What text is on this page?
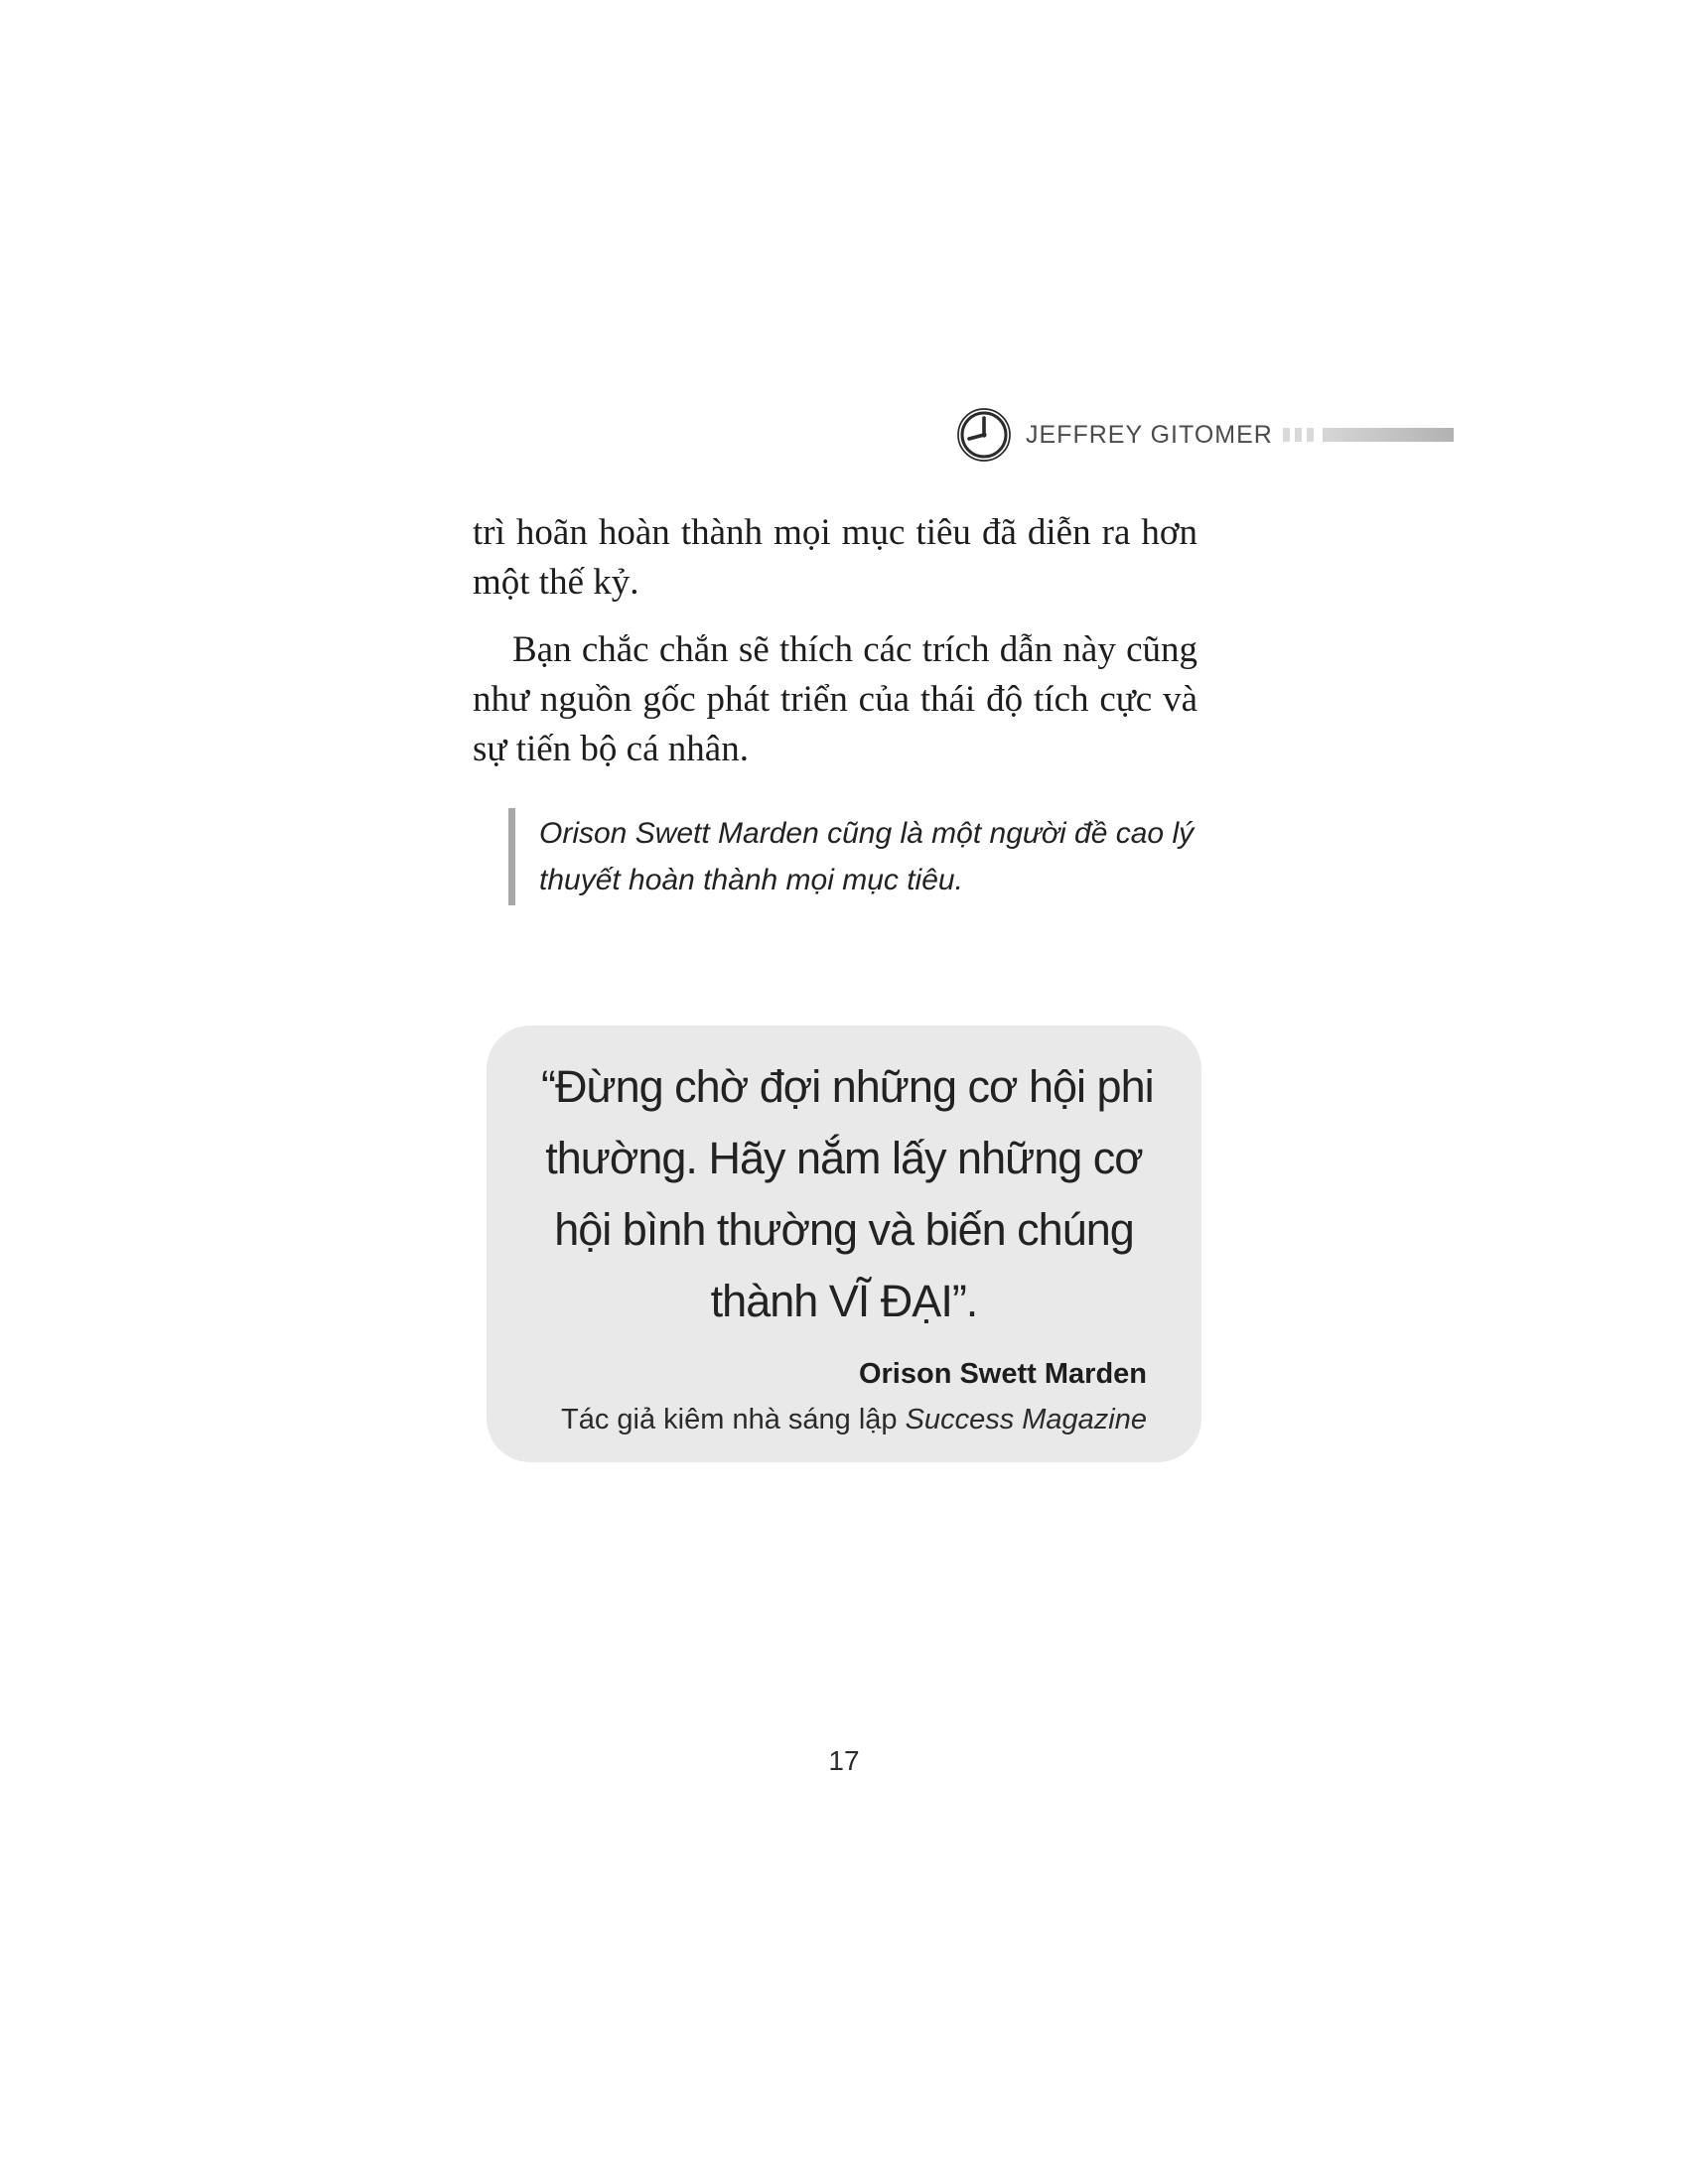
JEFFREY GITOMER

trì hoãn hoàn thành mọi mục tiêu đã diễn ra hơn một thế kỷ.

Bạn chắc chắn sẽ thích các trích dẫn này cũng như nguồn gốc phát triển của thái độ tích cực và sự tiến bộ cá nhân.

Orison Swett Marden cũng là một người đề cao lý thuyết hoàn thành mọi mục tiêu.
“Đừng chờ đợi những cơ hội phi
thường. Hãy nắm lấy những cơ
hội bình thường và biến chúng
thành VĨ ĐẠI”.
Orison Swett Marden
Tác giả kiêm nhà sáng lập Success Magazine
17
